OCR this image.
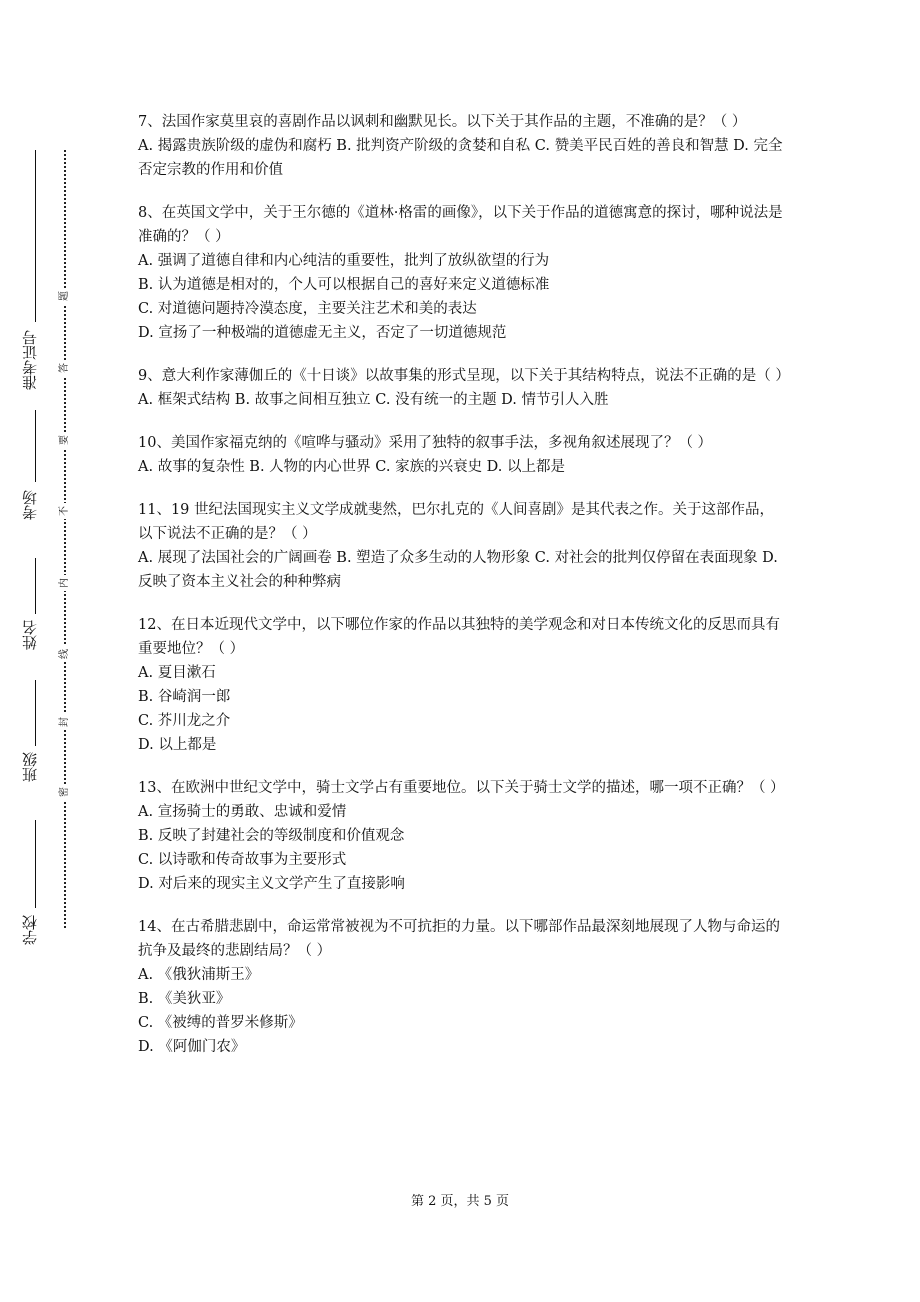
准考证号
考场
姓名
班级
学校
题
答
要
不
内
线
封
密

7、法国作家莫里哀的喜剧作品以讽刺和幽默见长。以下关于其作品的主题，不准确的是？（ ）

A. 揭露贵族阶级的虚伪和腐朽 B. 批判资产阶级的贪婪和自私 C. 赞美平民百姓的善良和智慧 D. 完全否定宗教的作用和价值

8、在英国文学中，关于王尔德的《道林·格雷的画像》，以下关于作品的道德寓意的探讨，哪种说法是准确的？（ ）

A. 强调了道德自律和内心纯洁的重要性，批判了放纵欲望的行为

B. 认为道德是相对的，个人可以根据自己的喜好来定义道德标准

C. 对道德问题持冷漠态度，主要关注艺术和美的表达

D. 宣扬了一种极端的道德虚无主义，否定了一切道德规范

9、意大利作家薄伽丘的《十日谈》以故事集的形式呈现，以下关于其结构特点，说法不正确的是（ ）

A. 框架式结构 B. 故事之间相互独立 C. 没有统一的主题 D. 情节引人入胜

10、美国作家福克纳的《喧哗与骚动》采用了独特的叙事手法，多视角叙述展现了？（ ）

A. 故事的复杂性 B. 人物的内心世界 C. 家族的兴衰史 D. 以上都是

11、19 世纪法国现实主义文学成就斐然，巴尔扎克的《人间喜剧》是其代表之作。关于这部作品，以下说法不正确的是？（ ）

A. 展现了法国社会的广阔画卷 B. 塑造了众多生动的人物形象 C. 对社会的批判仅停留在表面现象 D. 反映了资本主义社会的种种弊病

12、在日本近现代文学中，以下哪位作家的作品以其独特的美学观念和对日本传统文化的反思而具有重要地位？（ ）

A. 夏目漱石

B. 谷崎润一郎

C. 芥川龙之介

D. 以上都是

13、在欧洲中世纪文学中，骑士文学占有重要地位。以下关于骑士文学的描述，哪一项不正确？（ ）

A. 宣扬骑士的勇敢、忠诚和爱情

B. 反映了封建社会的等级制度和价值观念

C. 以诗歌和传奇故事为主要形式

D. 对后来的现实主义文学产生了直接影响

14、在古希腊悲剧中，命运常常被视为不可抗拒的力量。以下哪部作品最深刻地展现了人物与命运的抗争及最终的悲剧结局？（ ）

A. 《俄狄浦斯王》

B. 《美狄亚》

C. 《被缚的普罗米修斯》

D. 《阿伽门农》

第 2 页，共 5 页
